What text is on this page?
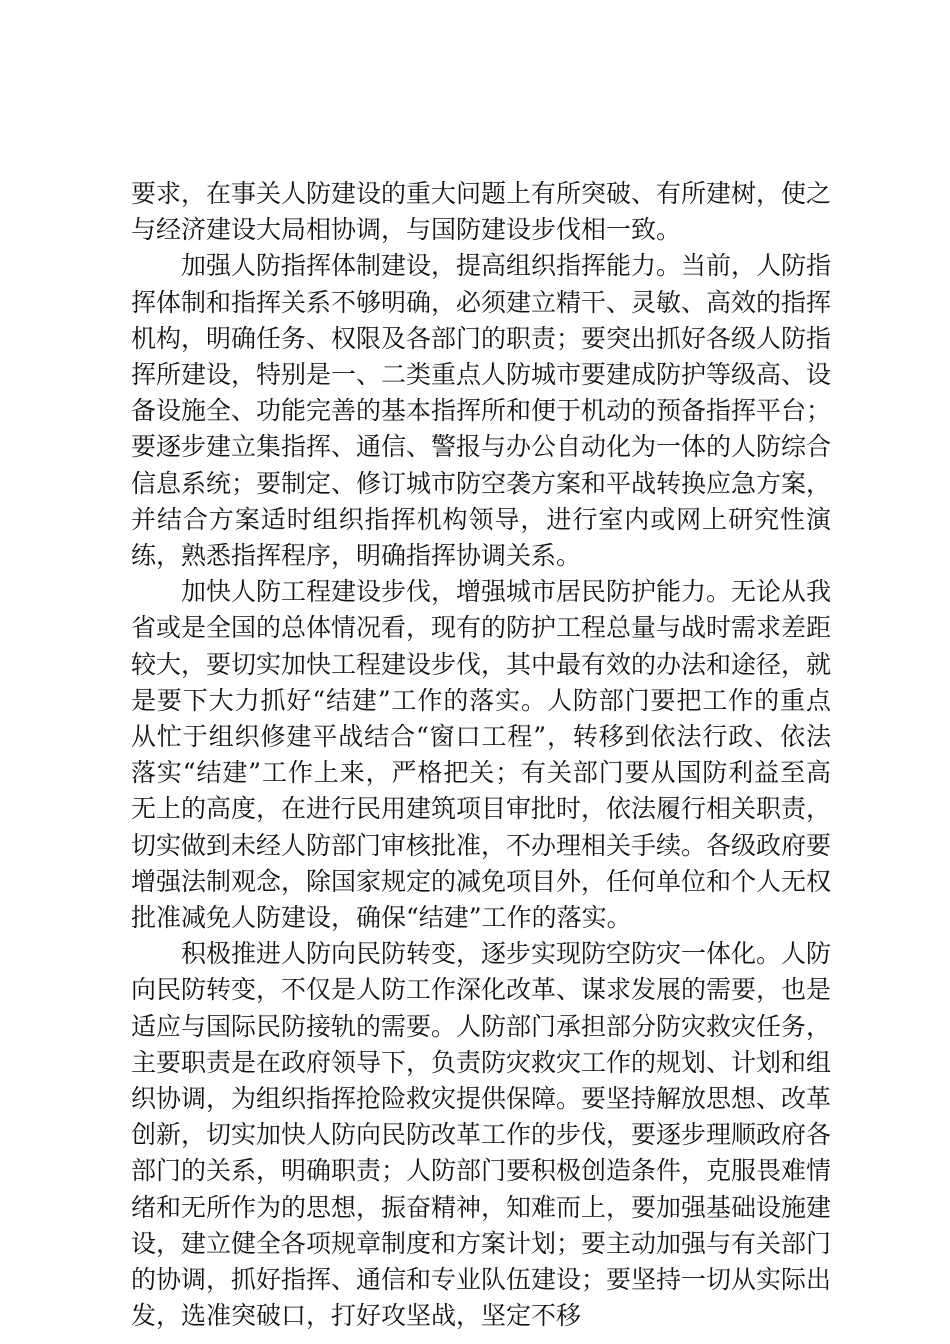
要求，在事关人防建设的重大问题上有所突破、有所建树，使之与经济建设大局相协调，与国防建设步伐相一致。

加强人防指挥体制建设，提高组织指挥能力。当前，人防指挥体制和指挥关系不够明确，必须建立精干、灵敏、高效的指挥机构，明确任务、权限及各部门的职责；要突出抓好各级人防指挥所建设，特别是一、二类重点人防城市要建成防护等级高、设备设施全、功能完善的基本指挥所和便于机动的预备指挥平台；要逐步建立集指挥、通信、警报与办公自动化为一体的人防综合信息系统；要制定、修订城市防空袭方案和平战转换应急方案，并结合方案适时组织指挥机构领导，进行室内或网上研究性演练，熟悉指挥程序，明确指挥协调关系。

加快人防工程建设步伐，增强城市居民防护能力。无论从我省或是全国的总体情况看，现有的防护工程总量与战时需求差距较大，要切实加快工程建设步伐，其中最有效的办法和途径，就是要下大力抓好“结建”工作的落实。人防部门要把工作的重点从忙于组织修建平战结合“窗口工程”，转移到依法行政、依法落实“结建”工作上来，严格把关；有关部门要从国防利益至高无上的高度，在进行民用建筑项目审批时，依法履行相关职责，切实做到未经人防部门审核批准，不办理相关手续。各级政府要增强法制观念，除国家规定的减免项目外，任何单位和个人无权批准减免人防建设，确保“结建”工作的落实。

积极推进人防向民防转变，逐步实现防空防灾一体化。人防向民防转变，不仅是人防工作深化改革、谋求发展的需要，也是适应与国际民防接轨的需要。人防部门承担部分防灾救灾任务，主要职责是在政府领导下，负责防灾救灾工作的规划、计划和组织协调，为组织指挥抢险救灾提供保障。要坚持解放思想、改革创新，切实加快人防向民防改革工作的步伐，要逐步理顺政府各部门的关系，明确职责；人防部门要积极创造条件，克服畏难情绪和无所作为的思想，振奋精神，知难而上，要加强基础设施建设，建立健全各项规章制度和方案计划；要主动加强与有关部门的协调，抓好指挥、通信和专业队伍建设；要坚持一切从实际出发，选准突破口，打好攻坚战，坚定不移
